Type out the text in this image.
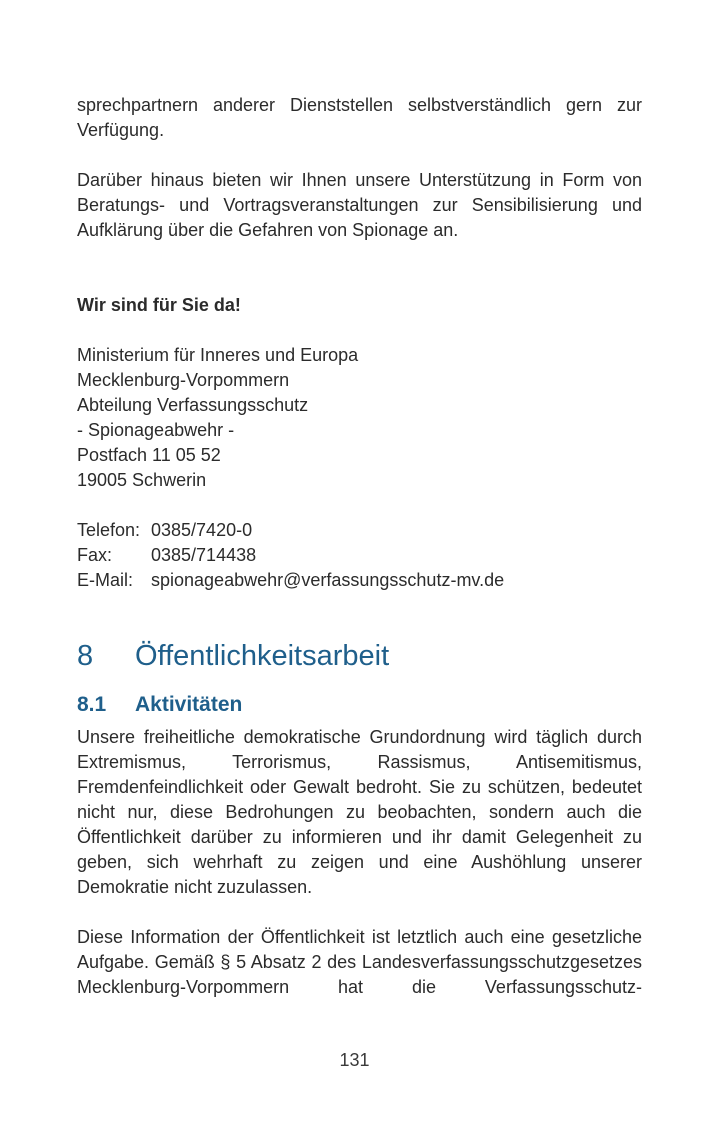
sprechpartnern anderer Dienststellen selbstverständlich gern zur Verfügung.

Darüber hinaus bieten wir Ihnen unsere Unterstützung in Form von Beratungs- und Vortragsveranstaltungen zur Sensibilisierung und Aufklärung über die Gefahren von Spionage an.

Wir sind für Sie da!
Ministerium für Inneres und Europa
Mecklenburg-Vorpommern
Abteilung Verfassungsschutz
- Spionageabwehr -
Postfach 11 05 52
19005 Schwerin
Telefon: 0385/7420-0
Fax:	0385/714438
E-Mail: spionageabwehr@verfassungsschutz-mv.de
8	Öffentlichkeitsarbeit
8.1	Aktivitäten

Unsere freiheitliche demokratische Grundordnung wird täglich durch Extremismus, Terrorismus, Rassismus, Antisemitismus, Fremdenfeindlichkeit oder Gewalt bedroht. Sie zu schützen, bedeutet nicht nur, diese Bedrohungen zu beobachten, sondern auch die Öffentlichkeit darüber zu informieren und ihr damit Gelegenheit zu geben, sich wehrhaft zu zeigen und eine Aushöhlung unserer Demokratie nicht zuzulassen.

Diese Information der Öffentlichkeit ist letztlich auch eine gesetzliche Aufgabe. Gemäß § 5 Absatz 2 des Landesverfassungsschutzgesetzes Mecklenburg-Vorpommern hat die Verfassungsschutz-

131
